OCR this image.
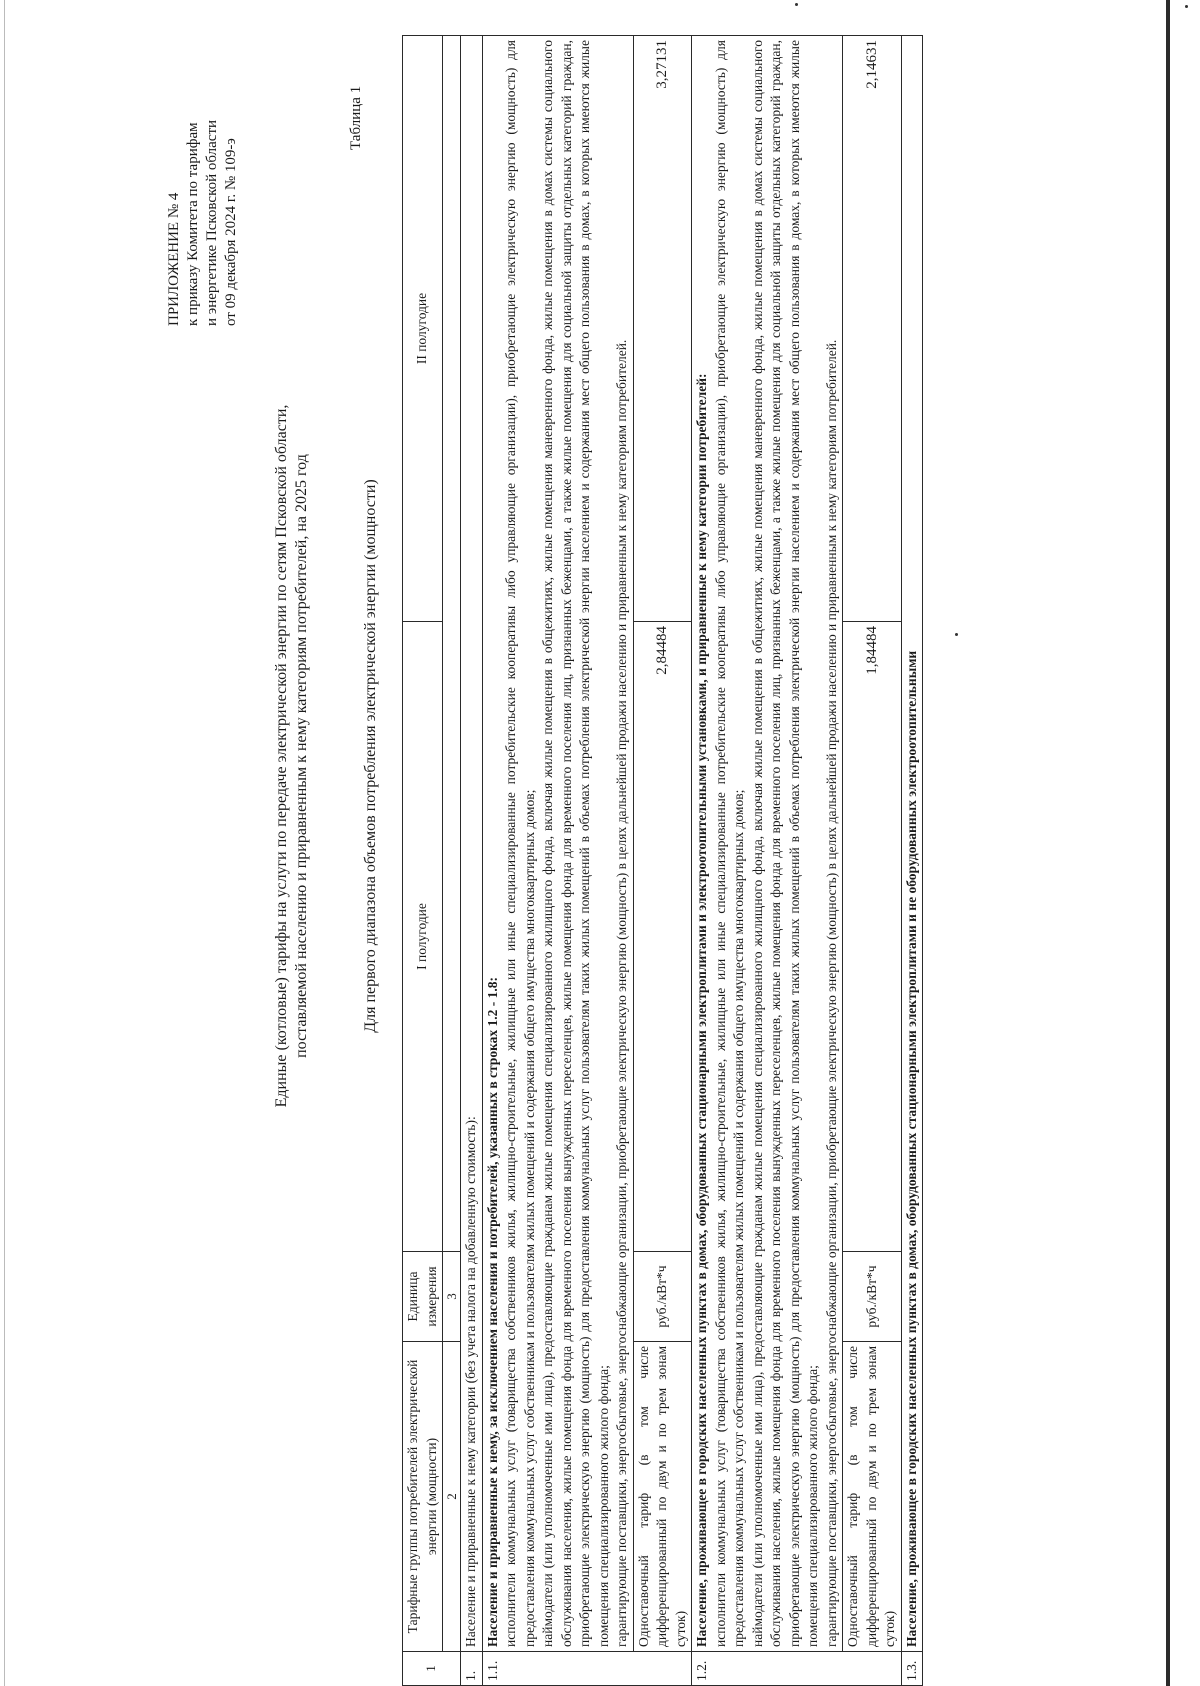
ПРИЛОЖЕНИЕ № 4 к приказу Комитета по тарифам и энергетике Псковской области от 09 декабря 2024 г. № 109-э
Таблица 1
Единые (котловые) тарифы на услуги по передаче электрической энергии по сетям Псковской области, поставляемой населению и приравненным к нему категориям потребителей, на 2025 год	Для первого диапазона объемов потребления электрической энергии (мощности)
1	Тарифные группы потребителей электрической энергии (мощности)	Единица измерения	I полугодие	II полугодие
	2	3		
1.	Население и приравненные к нему категории (без учета налога на добавленную стоимость):			
1.1.	Население и приравненные к нему, за исключением населения и потребителей, указанных в строках 1.2 - 1.8: исполнители коммунальных услуг (товарищества собственников жилья, жилищно-строительные, жилищные или иные специализированные потребительские кооперативы либо управляющие организации), приобретающие электрическую энергию (мощность) для предоставления коммунальных услуг собственникам и пользователям жилых помещений и содержания общего имущества многоквартирных домов; наймодатели (или уполномоченные ими лица), предоставляющие гражданам жилые помещения специализированного жилищного фонда, включая жилые помещения в общежитиях, жилые помещения маневренного фонда, жилые помещения в домах системы социального обслуживания населения, жилые помещения фонда для временного поселения вынужденных переселенцев, жилые помещения фонда для временного поселения лиц, признанных беженцами, а также жилые помещения для социальной защиты отдельных категорий граждан, приобретающие электрическую энергию (мощность) для предоставления коммунальных услуг пользователям таких жилых помещений в объемах потребления электрической энергии населением и содержания мест общего пользования в домах, в которых имеются жилые помещения специализированного жилого фонда; гарантирующие поставщики, энергосбытовые, энергоснабжающие организации, приобретающие электрическую энергию (мощность) в целях дальнейшей продажи населению и приравненным к нему категориям потребителей.			

	Одноставочный тариф (в том числе дифференцированный по двум и по трем зонам суток)	руб./кВт*ч	2,84484	3,27131
1.2.	Население, проживающее в городских населенных пунктах в домах, оборудованных стационарными электроплитами и электроотопительными установками, и приравненные к нему категории потребителей: исполнители коммунальных услуг (товарищества собственников жилья, жилищно-строительные, жилищные или иные специализированные потребительские кооперативы либо управляющие организации), приобретающие электрическую энергию (мощность) для предоставления коммунальных услуг собственникам и пользователям жилых помещений и содержания общего имущества многоквартирных домов; наймодатели (или уполномоченные ими лица), предоставляющие гражданам жилые помещения специализированного жилищного фонда, включая жилые помещения в общежитиях, жилые помещения маневренного фонда, жилые помещения в домах системы социального обслуживания населения, жилые помещения фонда для временного поселения вынужденных переселенцев, жилые помещения фонда для временного поселения лиц, признанных беженцами, а также жилые помещения для социальной защиты отдельных категорий граждан, приобретающие электрическую энергию (мощность) для предоставления коммунальных услуг пользователям таких жилых помещений в объемах потребления электрической энергии населением и содержания мест общего пользования в домах, в которых имеются жилые помещения специализированного жилого фонда; гарантирующие поставщики, энергосбытовые, энергоснабжающие организации, приобретающие электрическую энергию (мощность) в целях дальнейшей продажи населению и приравненным к нему категориям потребителей.			

	Одноставочный тариф (в том числе дифференцированный по двум и по трем зонам суток)	руб./кВт*ч	1,84484	2,14631
1.3.	Население, проживающее в городских населенных пунктах в домах, оборудованных стационарными электроплитами и не оборудованных электроотопительными			
